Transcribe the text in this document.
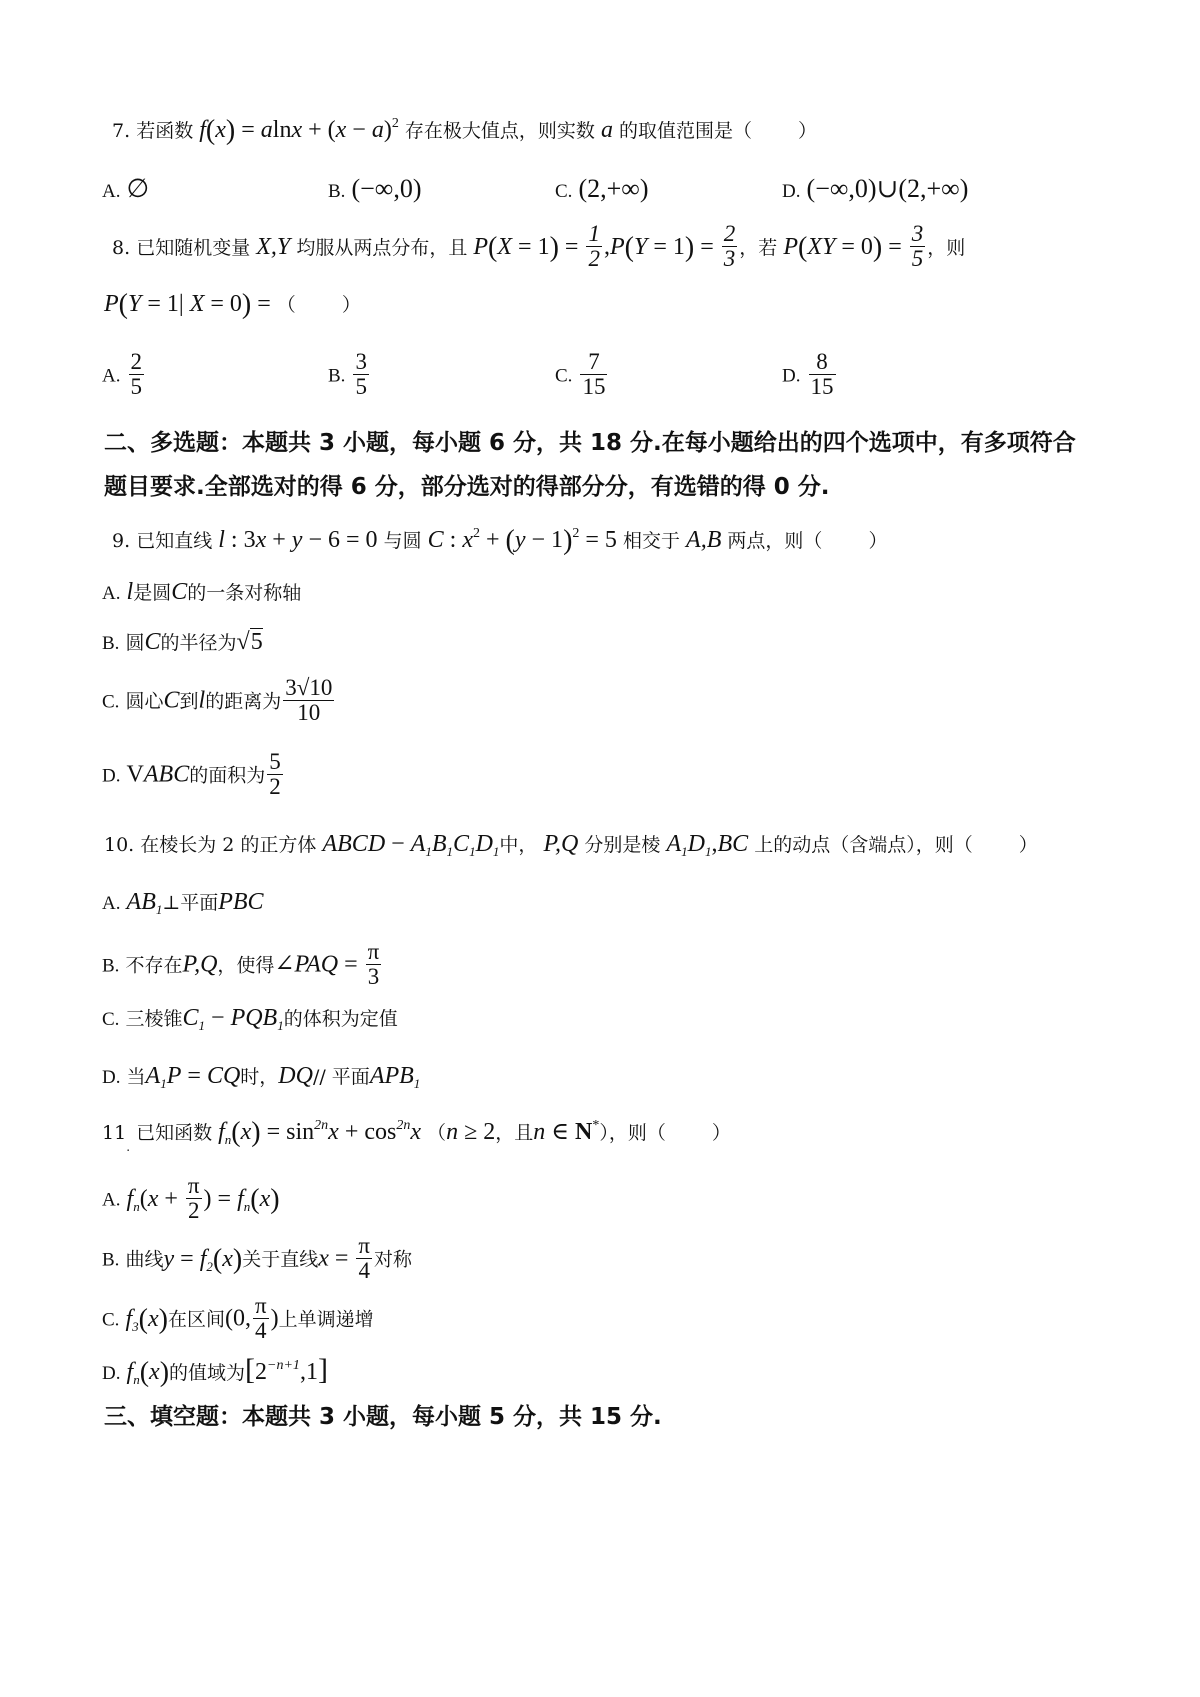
7. 若函数 $f(x) = alnx + (x - a)^2$ 存在极大值点，则实数 a 的取值范围是（ ）
A. ∅	B. (−∞,0)	C. (2,+∞)	D. (−∞,0)∪(2,+∞)
8. 已知随机变量 X,Y 均服从两点分布，且 $P(X = 1) = \frac{1}{2} ,P(Y = 1) = \frac{2}{3}$ ，若 $P(XY = 0) = \frac{3}{5}$ ，则
P(Y = 1| X = 0) = （ ）
A. $\frac{2}{5}$	B. $\frac{3}{5}$	C. $\frac{7}{15}$	D. $\frac{8}{15}$
二、多选题：本题共 3 小题，每小题 6 分，共 18 分.在每小题给出的四个选项中，有多项符合
题目要求.全部选对的得 6 分，部分选对的得部分分，有选错的得 0 分.
9. 已知直线 l : 3x + y − 6 = 0 与圆 C : $x^2 + (y - 1)^2 = 5$ 相交于 A,B 两点，则（ ）
A. l是圆C的一条对称轴
B. 圆C的半径为√5
C. 圆心C到l的距离为 $\frac{3√10}{10}$
D. VABC的面积为 $\frac{5}{2}$
10. 在棱长为 2 的正方体 ABCD − $A_1B_1C_1D_1$中， P,Q 分别是棱 $A_1D_1,BC$ 上的动点（含端点），则（ ）
A. $AB_1\perp$平面PBC
B. 不存在P,Q，使得∠PAQ = $\frac{\pi}{3}$
C. 三棱锥$C_1 - PQB_1$的体积为定值
D. 当$A_1P$ = CQ时，DQ// 平面$APB_1$
$11_.$ 已知函数 $f_n(x) = \sin^{2n}x + \cos^{2n}x$ （n ≥ 2，且n ∈ N*），则（ ）
A. $f_n(x + \frac{\pi}{2}$ ) = $f_n(x)$
B. 曲线$y = f_2(x)$关于直线$x = \frac{\pi}{4}$ 对称
C. $f_3(x)$在区间(0, $\frac{\pi}{4}$ )上单调递增
D. $f_n(x)$的值域为$[2^{-n+1},1]$
三、填空题：本题共 3 小题，每小题 5 分，共 15 分.
